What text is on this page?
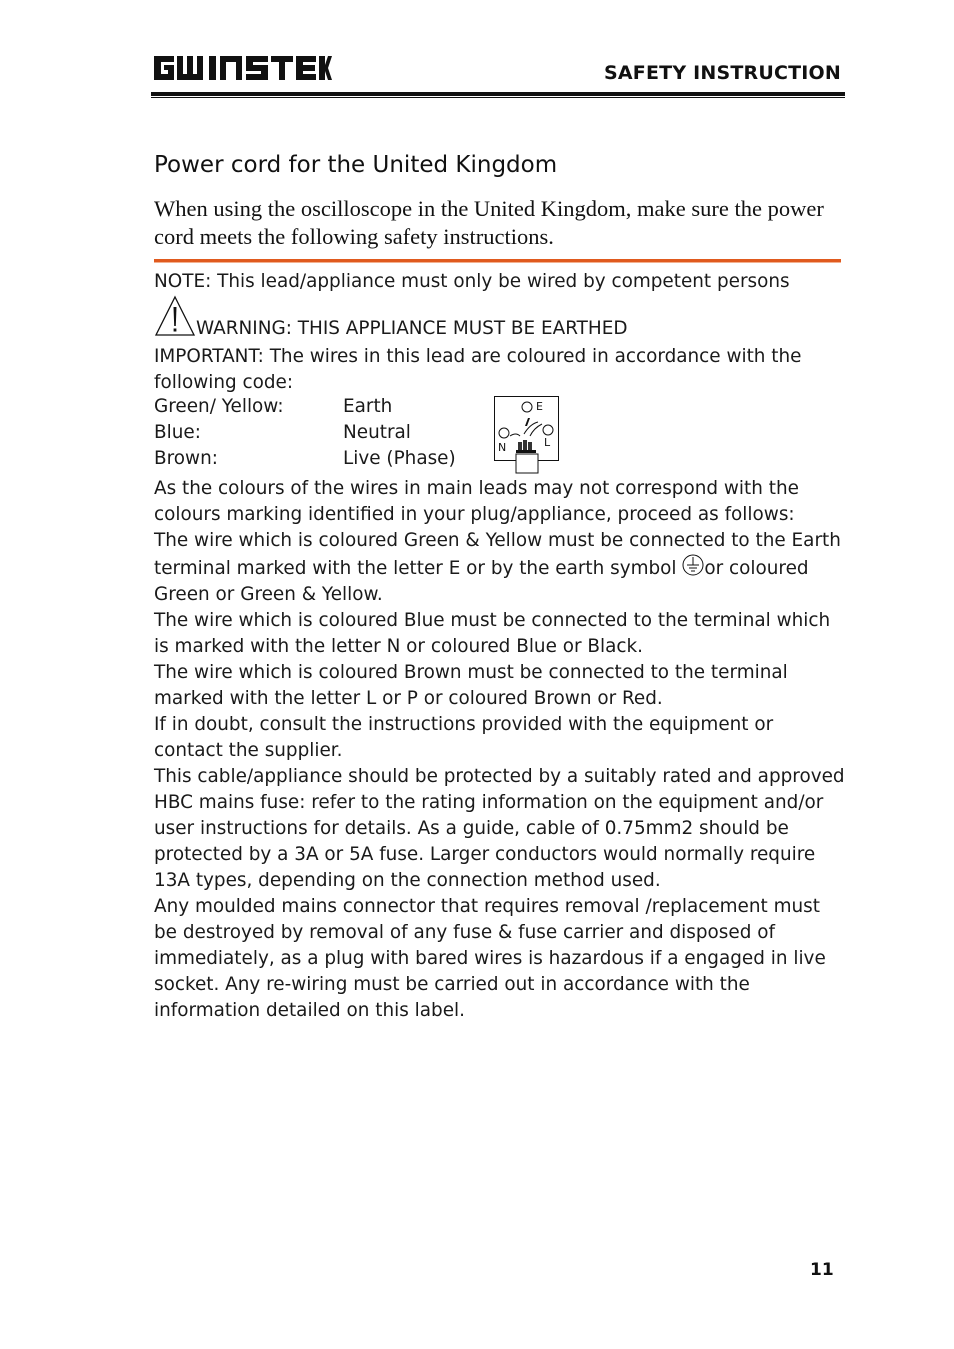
GW INSTEK
SAFETY INSTRUCTION
Power cord for the United Kingdom
When using the oscilloscope in the United Kingdom, make sure the power cord meets the following safety instructions.
NOTE: This lead/appliance must only be wired by competent persons
WARNING: THIS APPLIANCE MUST BE EARTHED
IMPORTANT: The wires in this lead are coloured in accordance with the following code:
Green/ Yellow:	Earth
Blue:	Neutral
Brown:	Live (Phase)
E
N	L

As the colours of the wires in main leads may not correspond with the colours marking identified in your plug/appliance, proceed as follows:

The wire which is coloured Green & Yellow must be connected to the Earth terminal marked with the letter E or by the earth symbol or coloured Green or Green & Yellow.

The wire which is coloured Blue must be connected to the terminal which is marked with the letter N or coloured Blue or Black.

The wire which is coloured Brown must be connected to the terminal marked with the letter L or P or coloured Brown or Red.

If in doubt, consult the instructions provided with the equipment or contact the supplier.

This cable/appliance should be protected by a suitably rated and approved HBC mains fuse: refer to the rating information on the equipment and/or user instructions for details. As a guide, cable of 0.75mm2 should be protected by a 3A or 5A fuse. Larger conductors would normally require 13A types, depending on the connection method used.

Any moulded mains connector that requires removal /replacement must be destroyed by removal of any fuse & fuse carrier and disposed of immediately, as a plug with bared wires is hazardous if a engaged in live socket. Any re-wiring must be carried out in accordance with the information detailed on this label.

11
